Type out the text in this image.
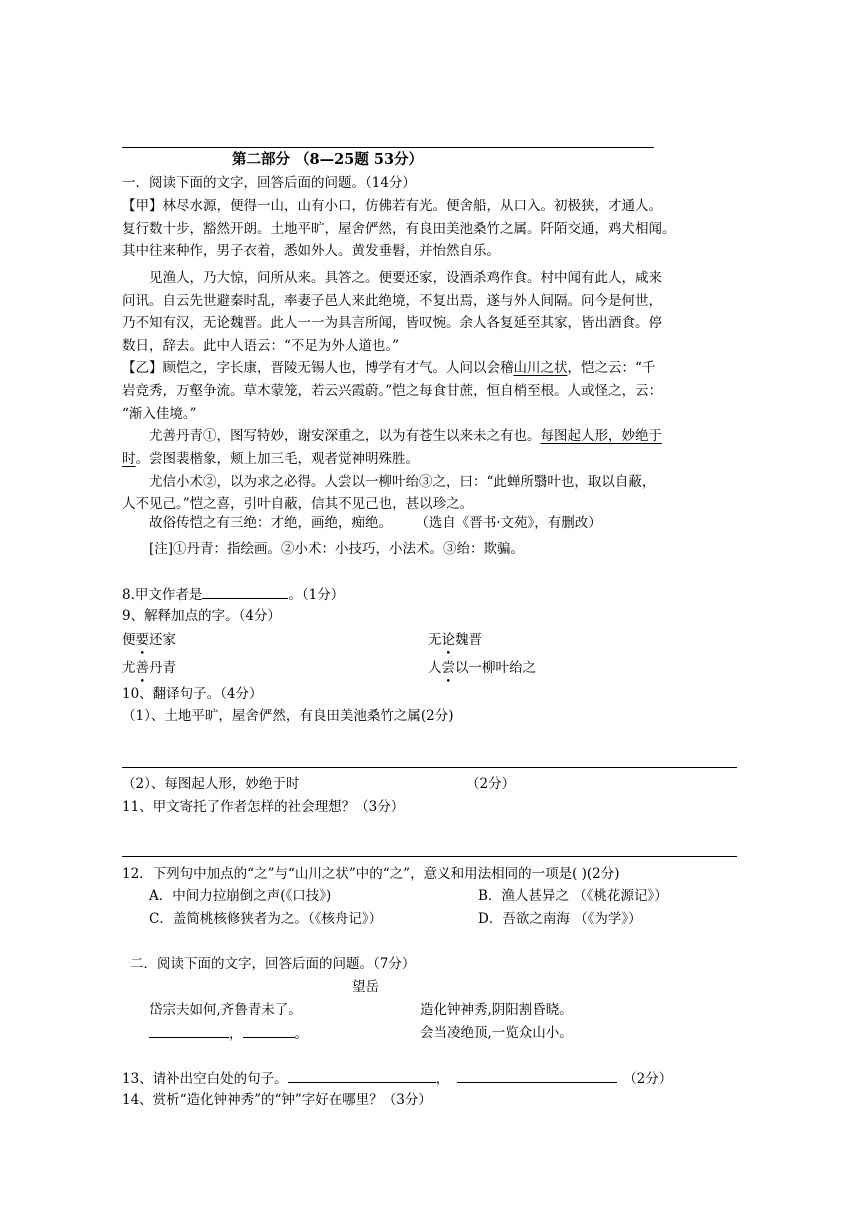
第二部分 （8—25题 53分）
一．阅读下面的文字，回答后面的问题。（14分）
【甲】林尽水源，便得一山，山有小口，仿佛若有光。便舍船，从口入。初极狭，才通人。
复行数十步，豁然开朗。土地平旷，屋舍俨然，有良田美池桑竹之属。阡陌交通，鸡犬相闻。
其中往来种作，男子衣着，悉如外人。黄发垂髫，并怡然自乐。
见渔人，乃大惊，问所从来。具答之。便要还家，设酒杀鸡作食。村中闻有此人，咸来
问讯。自云先世避秦时乱，率妻子邑人来此绝境，不复出焉，遂与外人间隔。问今是何世，
乃不知有汉，无论魏晋。此人一一为具言所闻，皆叹惋。余人各复延至其家，皆出酒食。停
数日，辞去。此中人语云：“不足为外人道也。”
【乙】顾恺之，字长康，晋陵无锡人也，博学有才气。人问以会稽山川之状，恺之云：“千
岩竞秀，万壑争流。草木蒙笼，若云兴霞蔚。”恺之每食甘蔗，恒自梢至根。人或怪之，云：
“渐入佳境。”
尤善丹青①，图写特妙，谢安深重之，以为有苍生以来未之有也。每图起人形，妙绝于
时。尝图裴楷象，颊上加三毛，观者觉神明殊胜。
尤信小术②，以为求之必得。人尝以一柳叶绐③之，曰：“此蝉所翳叶也，取以自蔽，
人不见己。”恺之喜，引叶自蔽，信其不见己也，甚以珍之。
故俗传恺之有三绝：才绝，画绝，痴绝。 （选自《晋书·文苑》，有删改）
[注]①丹青：指绘画。②小术：小技巧，小法术。③绐：欺骗。
8.甲文作者是	。（1分）
9、解释加点的字。（4分）
便要还家	无论魏晋
尤善丹青	人尝以一柳叶绐之
10、翻译句子。（4分）
（1）、土地平旷，屋舍俨然，有良田美池桑竹之属(2分)
（2）、每图起人形，妙绝于时	（2分）
11、甲文寄托了作者怎样的社会理想？（3分）
12．下列句中加点的“之”与“山川之状”中的“之”，意义和用法相同的一项是( )(2分)
A．中间力拉崩倒之声(《口技》)	B．渔人甚异之 （《桃花源记》）
C．盖简桃核修狭者为之。（《核舟记》）	D．吾欲之南海 （《为学》）
二．阅读下面的文字，回答后面的问题。（7分）
望岳
岱宗夫如何,齐鲁青未了。	造化钟神秀,阴阳割昏晓。
，	。	会当凌绝顶,一览众山小。
13、请补出空白处的句子。	，	（2分）
14、赏析“造化钟神秀”的“钟”字好在哪里？（3分）
